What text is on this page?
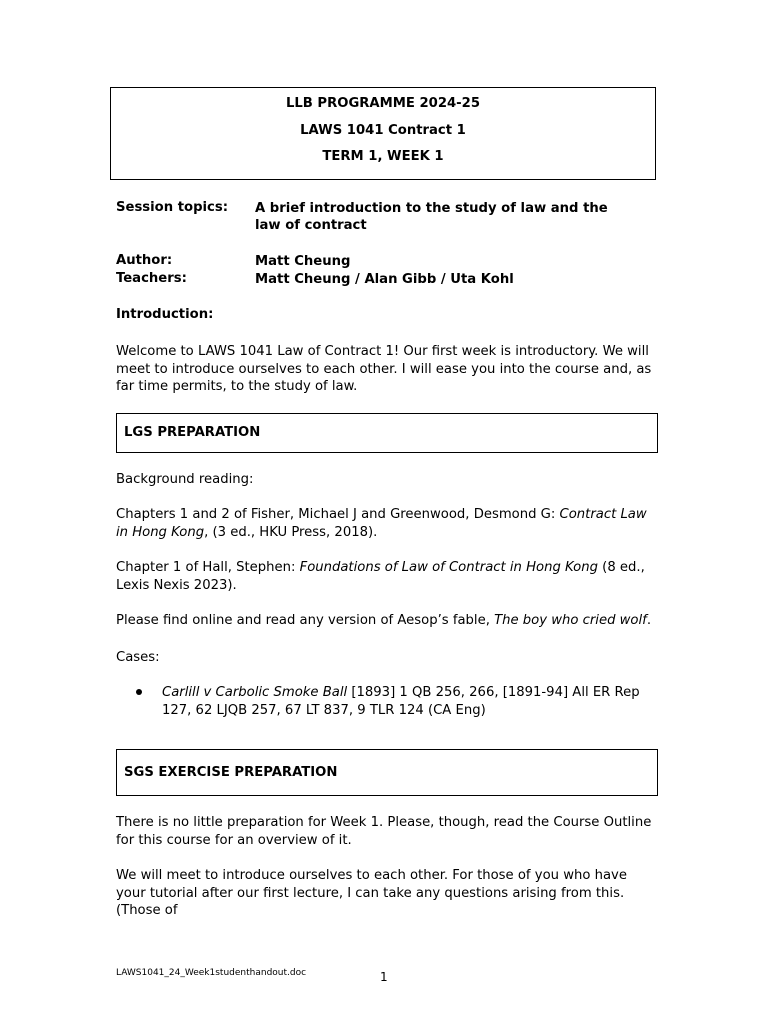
LLB PROGRAMME 2024-25
LAWS 1041 Contract 1
TERM 1, WEEK 1
Session topics: A brief introduction to the study of law and the law of contract
Author:	Matt Cheung
Teachers:	Matt Cheung / Alan Gibb / Uta Kohl
Introduction:
Welcome to LAWS 1041 Law of Contract 1! Our first week is introductory. We will meet to introduce ourselves to each other. I will ease you into the course and, as far time permits, to the study of law.
LGS PREPARATION
Background reading:
Chapters 1 and 2 of Fisher, Michael J and Greenwood, Desmond G: Contract Law in Hong Kong, (3 ed., HKU Press, 2018).
Chapter 1 of Hall, Stephen: Foundations of Law of Contract in Hong Kong (8 ed., Lexis Nexis 2023).
Please find online and read any version of Aesop’s fable, The boy who cried wolf.
Cases:
Carlill v Carbolic Smoke Ball [1893] 1 QB 256, 266, [1891-94] All ER Rep 127, 62 LJQB 257, 67 LT 837, 9 TLR 124 (CA Eng)
SGS EXERCISE PREPARATION
There is no little preparation for Week 1. Please, though, read the Course Outline for this course for an overview of it.
We will meet to introduce ourselves to each other. For those of you who have your tutorial after our first lecture, I can take any questions arising from this. (Those of
LAWS1041_24_Week1studenthandout.doc	1
